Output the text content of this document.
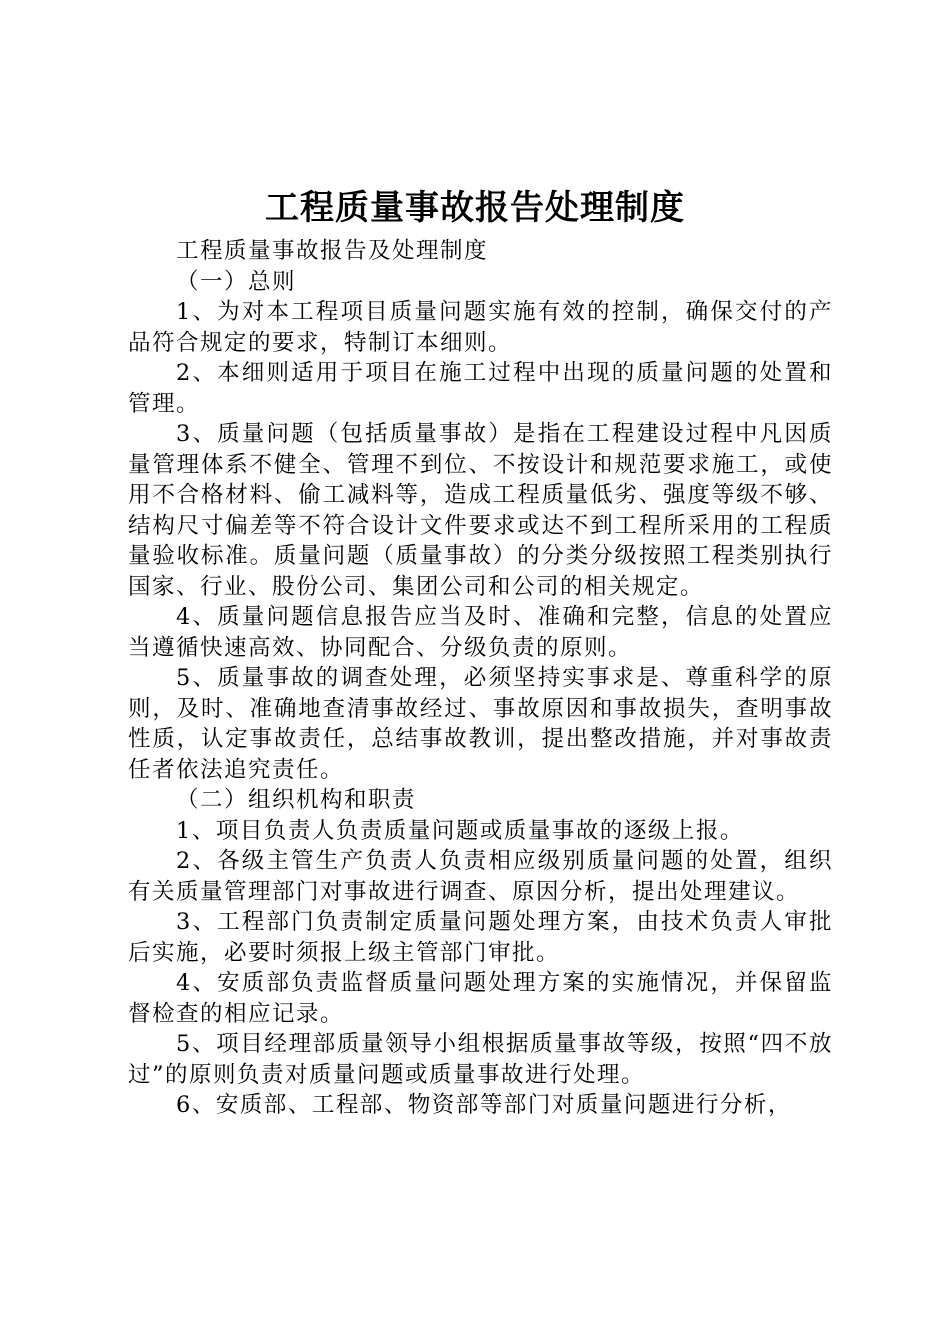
工程质量事故报告处理制度

工程质量事故报告及处理制度

（一）总则

1、为对本工程项目质量问题实施有效的控制，确保交付的产品符合规定的要求，特制订本细则。

2、本细则适用于项目在施工过程中出现的质量问题的处置和管理。

3、质量问题（包括质量事故）是指在工程建设过程中凡因质量管理体系不健全、管理不到位、不按设计和规范要求施工，或使用不合格材料、偷工减料等，造成工程质量低劣、强度等级不够、结构尺寸偏差等不符合设计文件要求或达不到工程所采用的工程质量验收标准。质量问题（质量事故）的分类分级按照工程类别执行国家、行业、股份公司、集团公司和公司的相关规定。

4、质量问题信息报告应当及时、准确和完整，信息的处置应当遵循快速高效、协同配合、分级负责的原则。

5、质量事故的调查处理，必须坚持实事求是、尊重科学的原则，及时、准确地查清事故经过、事故原因和事故损失，查明事故性质，认定事故责任，总结事故教训，提出整改措施，并对事故责任者依法追究责任。

（二）组织机构和职责

1、项目负责人负责质量问题或质量事故的逐级上报。

2、各级主管生产负责人负责相应级别质量问题的处置，组织有关质量管理部门对事故进行调查、原因分析，提出处理建议。

3、工程部门负责制定质量问题处理方案，由技术负责人审批后实施，必要时须报上级主管部门审批。

4、安质部负责监督质量问题处理方案的实施情况，并保留监督检查的相应记录。

5、项目经理部质量领导小组根据质量事故等级，按照“四不放过”的原则负责对质量问题或质量事故进行处理。

6、安质部、工程部、物资部等部门对质量问题进行分析，
